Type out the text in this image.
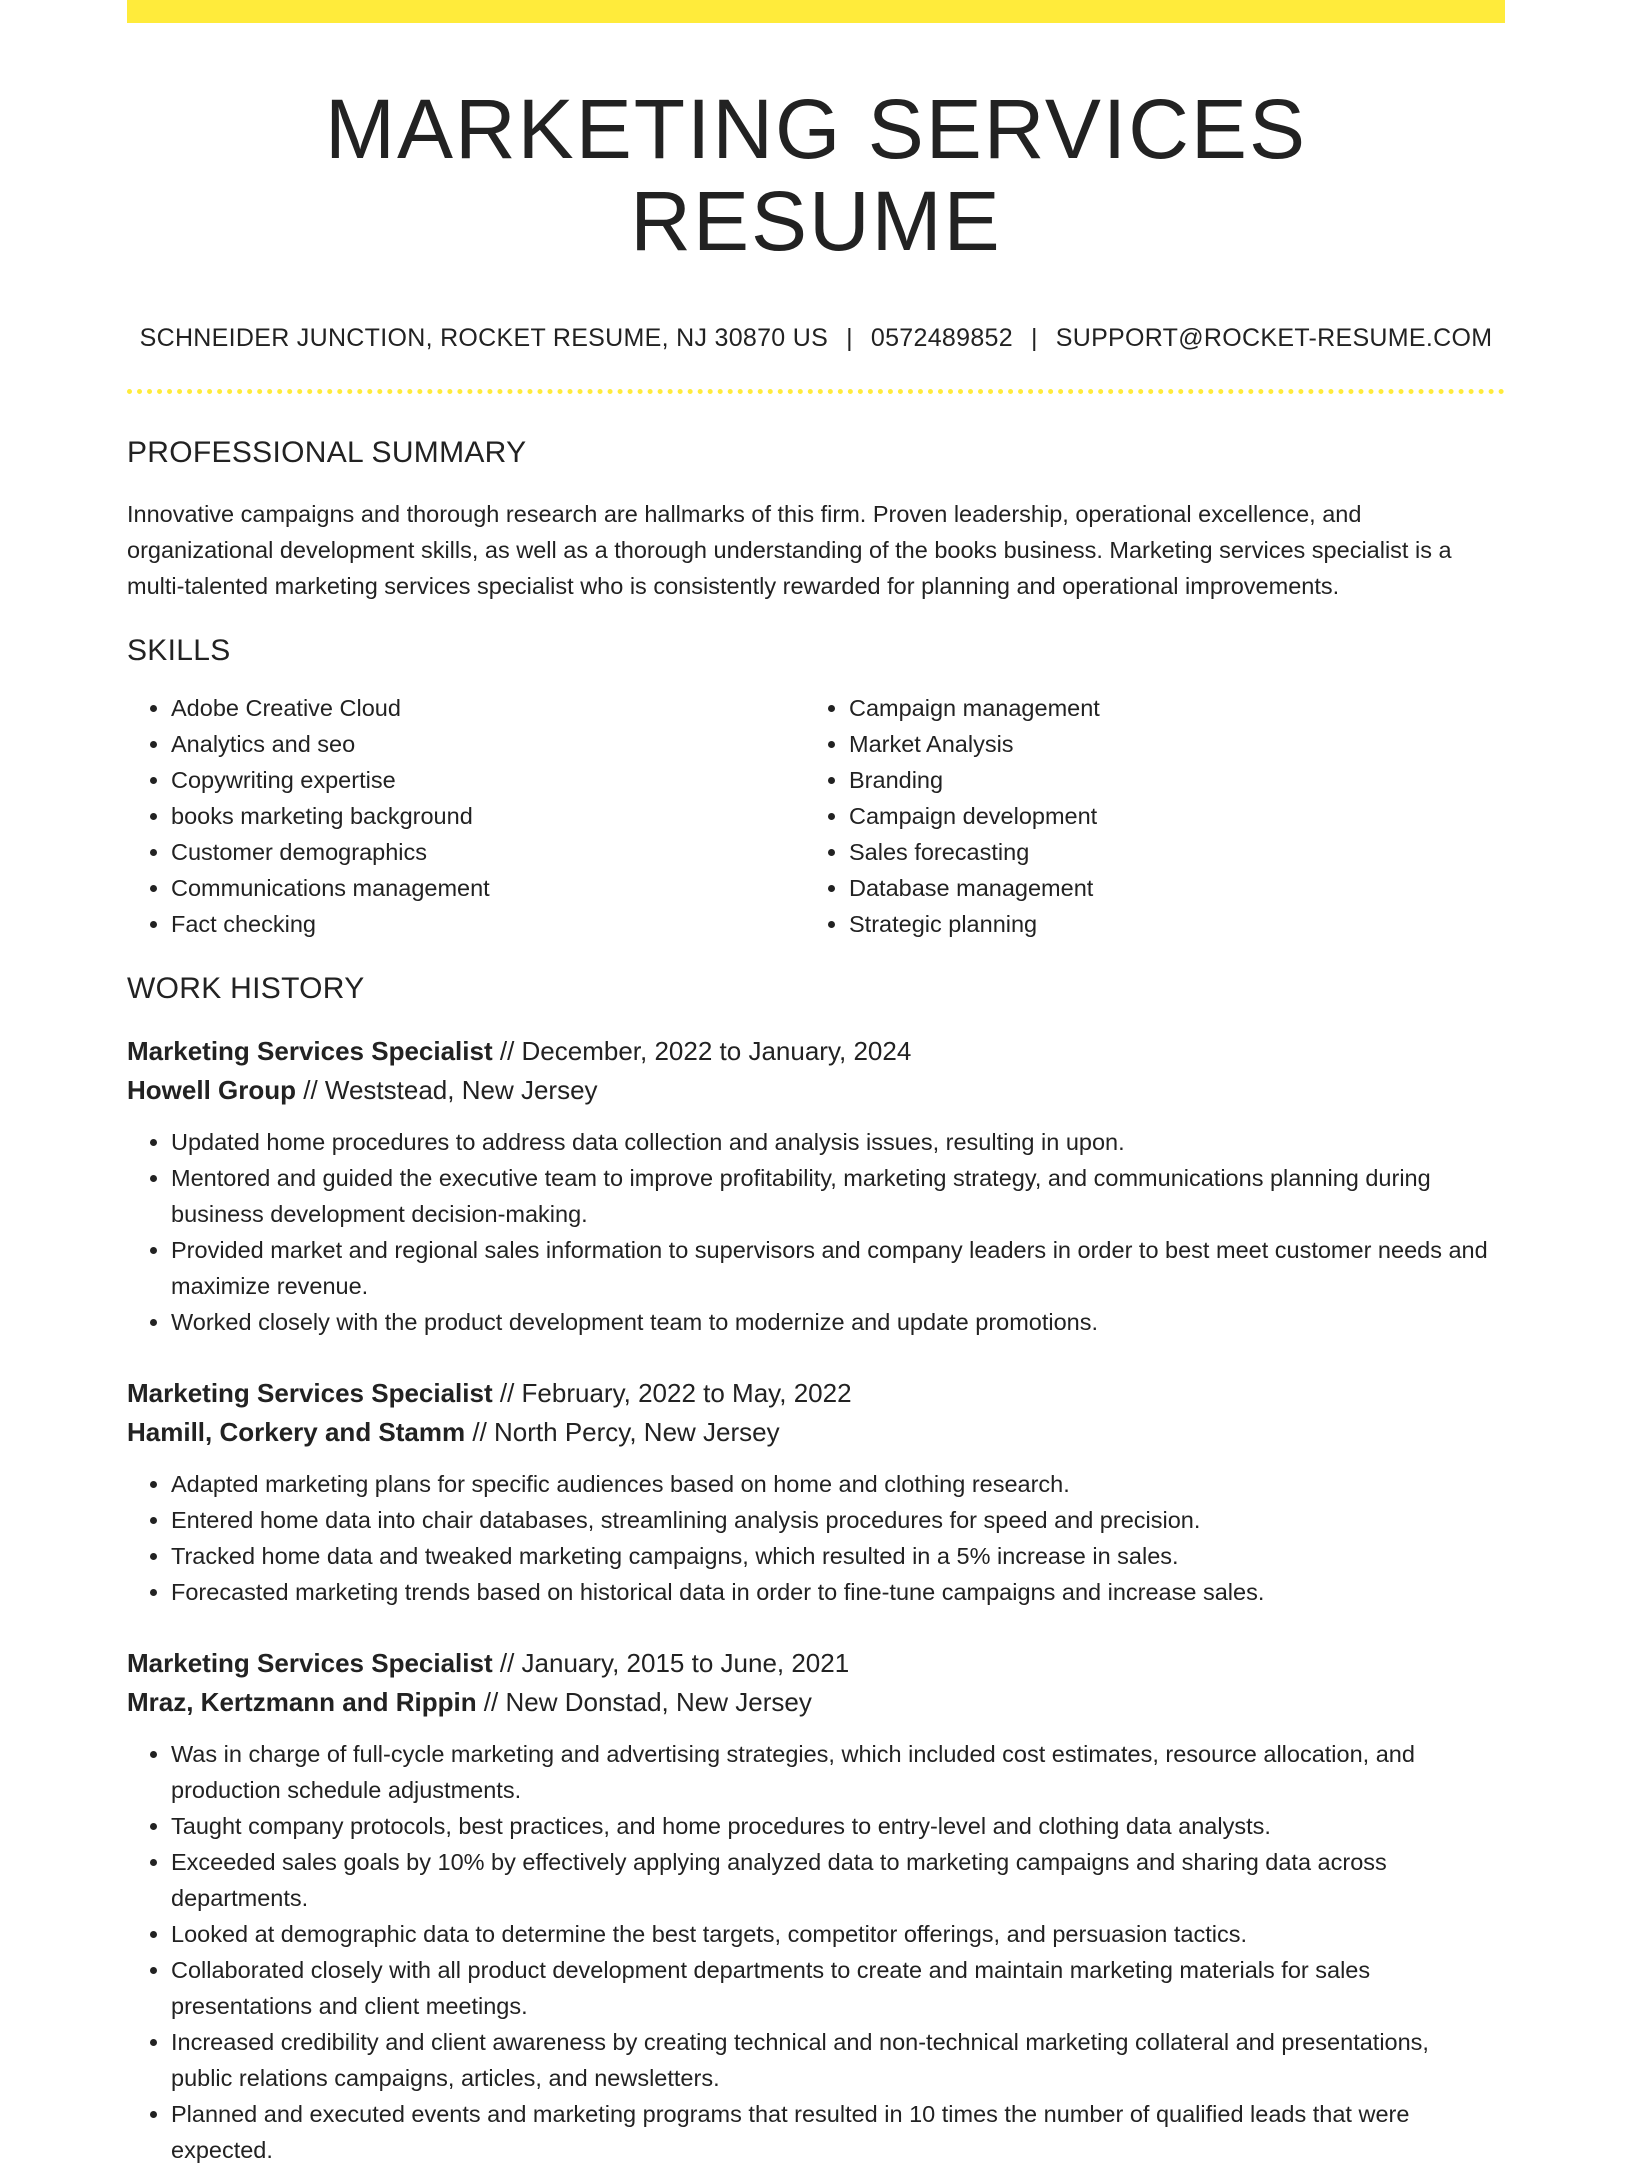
MARKETING SERVICES RESUME
SCHNEIDER JUNCTION, ROCKET RESUME, NJ 30870 US | 0572489852 | SUPPORT@ROCKET-RESUME.COM
PROFESSIONAL SUMMARY

Innovative campaigns and thorough research are hallmarks of this firm. Proven leadership, operational excellence, and organizational development skills, as well as a thorough understanding of the books business. Marketing services specialist is a multi-talented marketing services specialist who is consistently rewarded for planning and operational improvements.

SKILLS
• Adobe Creative Cloud
• Analytics and seo
• Copywriting expertise
• books marketing background
• Customer demographics
• Communications management
• Fact checking
• Campaign management
• Market Analysis
• Branding
• Campaign development
• Sales forecasting
• Database management
• Strategic planning
WORK HISTORY
Marketing Services Specialist // December, 2022 to January, 2024
Howell Group // Weststead, New Jersey
• Updated home procedures to address data collection and analysis issues, resulting in upon.
• Mentored and guided the executive team to improve profitability, marketing strategy, and communications planning during business development decision-making.
• Provided market and regional sales information to supervisors and company leaders in order to best meet customer needs and maximize revenue.
• Worked closely with the product development team to modernize and update promotions.
Marketing Services Specialist // February, 2022 to May, 2022
Hamill, Corkery and Stamm // North Percy, New Jersey
• Adapted marketing plans for specific audiences based on home and clothing research.
• Entered home data into chair databases, streamlining analysis procedures for speed and precision.
• Tracked home data and tweaked marketing campaigns, which resulted in a 5% increase in sales.
• Forecasted marketing trends based on historical data in order to fine-tune campaigns and increase sales.
Marketing Services Specialist // January, 2015 to June, 2021
Mraz, Kertzmann and Rippin // New Donstad, New Jersey
• Was in charge of full-cycle marketing and advertising strategies, which included cost estimates, resource allocation, and production schedule adjustments.
• Taught company protocols, best practices, and home procedures to entry-level and clothing data analysts.
• Exceeded sales goals by 10% by effectively applying analyzed data to marketing campaigns and sharing data across departments.
• Looked at demographic data to determine the best targets, competitor offerings, and persuasion tactics.
• Collaborated closely with all product development departments to create and maintain marketing materials for sales presentations and client meetings.
• Increased credibility and client awareness by creating technical and non-technical marketing collateral and presentations, public relations campaigns, articles, and newsletters.
• Planned and executed events and marketing programs that resulted in 10 times the number of qualified leads that were expected.
